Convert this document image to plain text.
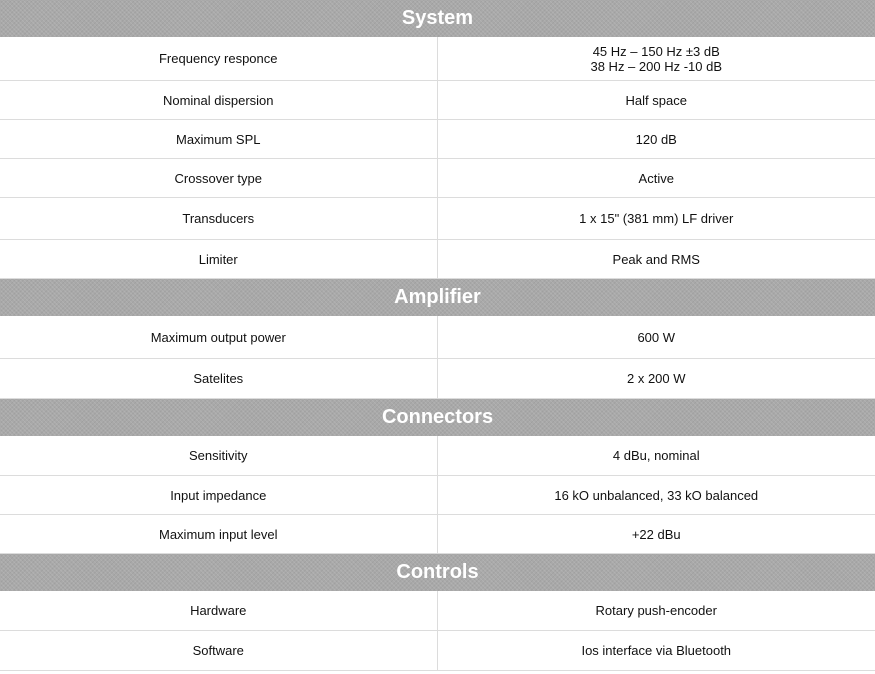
System
Frequency responce	45 Hz – 150 Hz ±3 dB
38 Hz – 200 Hz -10 dB
Nominal dispersion	Half space
Maximum SPL	120 dB
Crossover type	Active
Transducers	1 x 15" (381 mm) LF driver
Limiter	Peak and RMS
Amplifier
Maximum output power	600 W
Satelites	2 x 200 W
Connectors
Sensitivity	4 dBu, nominal
Input impedance	16 kO unbalanced, 33 kO balanced
Maximum input level	+22 dBu
Controls
Hardware	Rotary push-encoder
Software	Ios interface via Bluetooth
